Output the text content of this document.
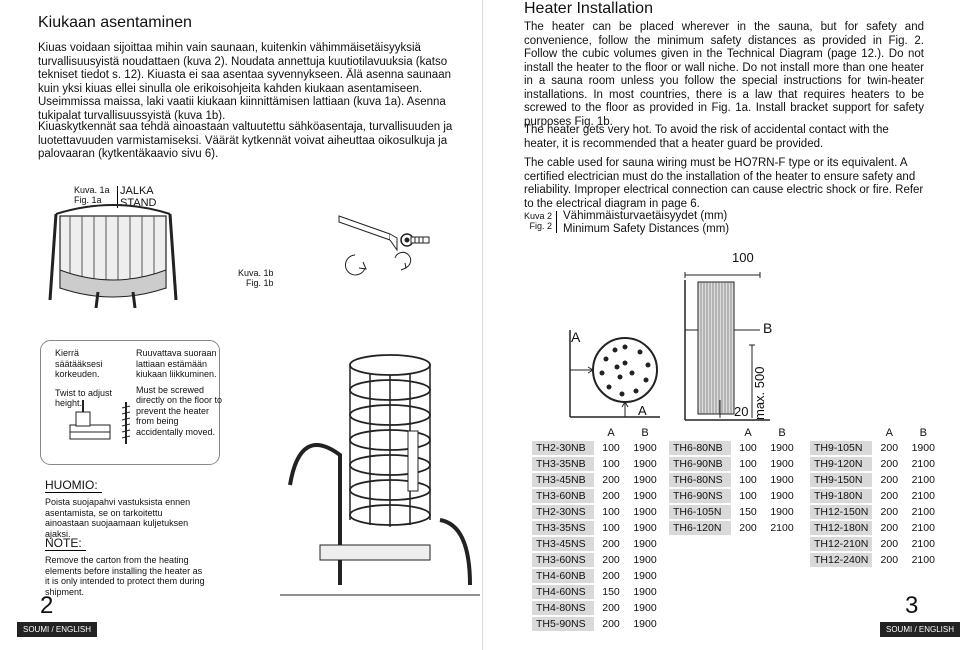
Kiukaan asentaminen

Kiuas voidaan sijoittaa mihin vain saunaan, kuitenkin vähimmäisetäisyyksiä turvallisuusyistä noudattaen (kuva 2). Noudata annettuja kuutiotilavuuksia (katso tekniset tiedot s. 12). Kiuasta ei saa asentaa syvennykseen. Älä asenna saunaan kuin yksi kiuas ellei sinulla ole erikoisohjeita kahden kiukaan asentamiseen. Useimmissa maissa, laki vaatii kiukaan kiinnittämisen lattiaan (kuva 1a). Asenna tukipalat turvallisuussyistä (kuva 1b).

Kiuaskytkennät saa tehdä ainoastaan valtuutettu sähköasentaja, turvallisuuden ja luotettavuuden varmistamiseksi. Väärät kytkennät voivat aiheuttaa oikosulkuja ja palovaaran (kytkentäkaavio sivu 6).

Kuva. 1a
Fig. 1a
JALKA
STAND
Kuva. 1b
Fig. 1b
Kierrä säätääksesi korkeuden.
Twist to adjust height.
Ruuvattava suoraan lattiaan estämään kiukaan liikkuminen.
Must be screwed directly on the floor to prevent the heater from being accidentally moved.
HUOMIO:
Poista suojapahvi vastuksista ennen asentamista, se on tarkoitettu ainoastaan suojaamaan kuljetuksen ajaksi.
NOTE:
Remove the carton from the heating elements before installing the heater as it is only intended to protect them during shipment.
2
SOUMI / ENGLISH
Heater Installation

The heater can be placed wherever in the sauna, but for safety and convenience, follow the minimum safety distances as provided in Fig. 2. Follow the cubic volumes given in the Technical Diagram (page 12.). Do not install the heater to the floor or wall niche. Do not install more than one heater in a sauna room unless you follow the special instructions for twin-heater installations. In most countries, there is a law that requires heaters to be screwed to the floor as provided in Fig. 1a. Install bracket support for safety purposes Fig. 1b.

The heater gets very hot. To avoid the risk of accidental contact with the heater, it is recommended that a heater guard be provided.

The cable used for sauna wiring must be HO7RN-F type or its equivalent. A certified electrician must do the installation of the heater to ensure safety and reliability. Improper electrical connection can cause electric shock or fire. Refer to the electrical diagram in page 6.

Kuva 2
Fig. 2
Vähimmäisturvaetäisyydet (mm)
Minimum Safety Distances (mm)
A
A
100
B
20 max. 500
	A	B
TH2-30NB	100	1900
TH3-35NB	100	1900
TH3-45NB	200	1900
TH3-60NB	200	1900
TH2-30NS	100	1900
TH3-35NS	100	1900
TH3-45NS	200	1900
TH3-60NS	200	1900
TH4-60NB	200	1900
TH4-60NS	150	1900
TH4-80NS	200	1900
TH5-90NS	200	1900
	A	B
TH6-80NB	100	1900
TH6-90NB	100	1900
TH6-80NS	100	1900
TH6-90NS	100	1900
TH6-105N	150	1900
TH6-120N	200	2100
	A	B
TH9-105N	200	1900
TH9-120N	200	2100
TH9-150N	200	2100
TH9-180N	200	2100
TH12-150N	200	2100
TH12-180N	200	2100
TH12-210N	200	2100
TH12-240N	200	2100
3
SOUMI / ENGLISH
